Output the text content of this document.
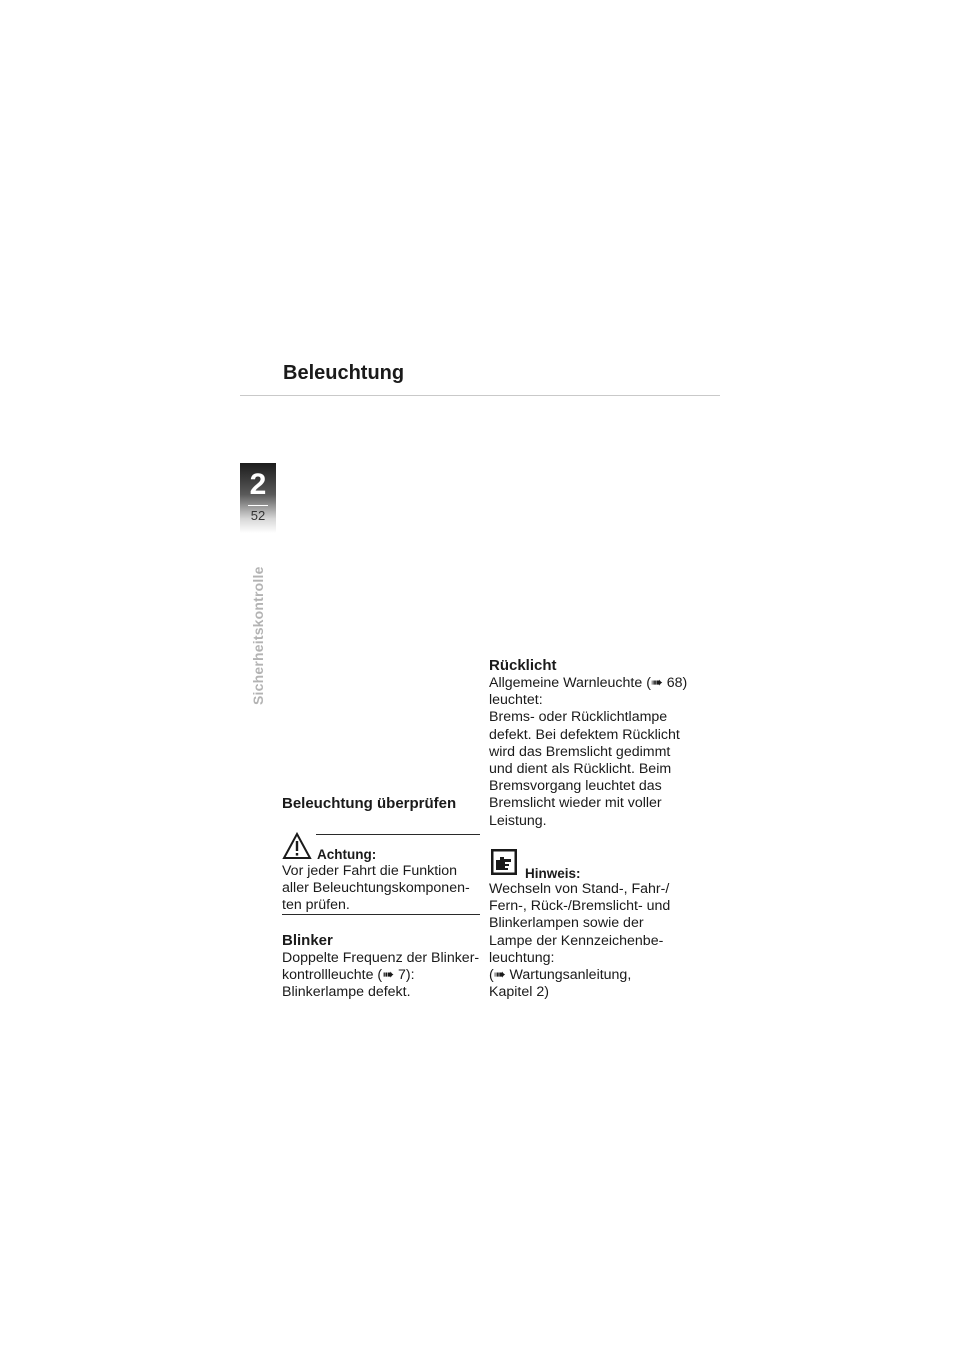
Beleuchtung
2
52
Sicherheitskontrolle
Beleuchtung überprüfen
Achtung:
Vor jeder Fahrt die Funktion
aller Beleuchtungskomponen-
ten prüfen.
Blinker
Doppelte Frequenz der Blinker-
kontrollleuchte (➠ 7):
Blinkerlampe defekt.
Rücklicht
Allgemeine Warnleuchte (➠ 68)
leuchtet:
Brems- oder Rücklichtlampe
defekt. Bei defektem Rücklicht
wird das Bremslicht gedimmt
und dient als Rücklicht. Beim
Bremsvorgang leuchtet das
Bremslicht wieder mit voller
Leistung.
Hinweis:
Wechseln von Stand-, Fahr-/
Fern-, Rück-/Bremslicht- und
Blinkerlampen sowie der
Lampe der Kennzeichenbe-
leuchtung:
(➠ Wartungsanleitung,
Kapitel 2)
